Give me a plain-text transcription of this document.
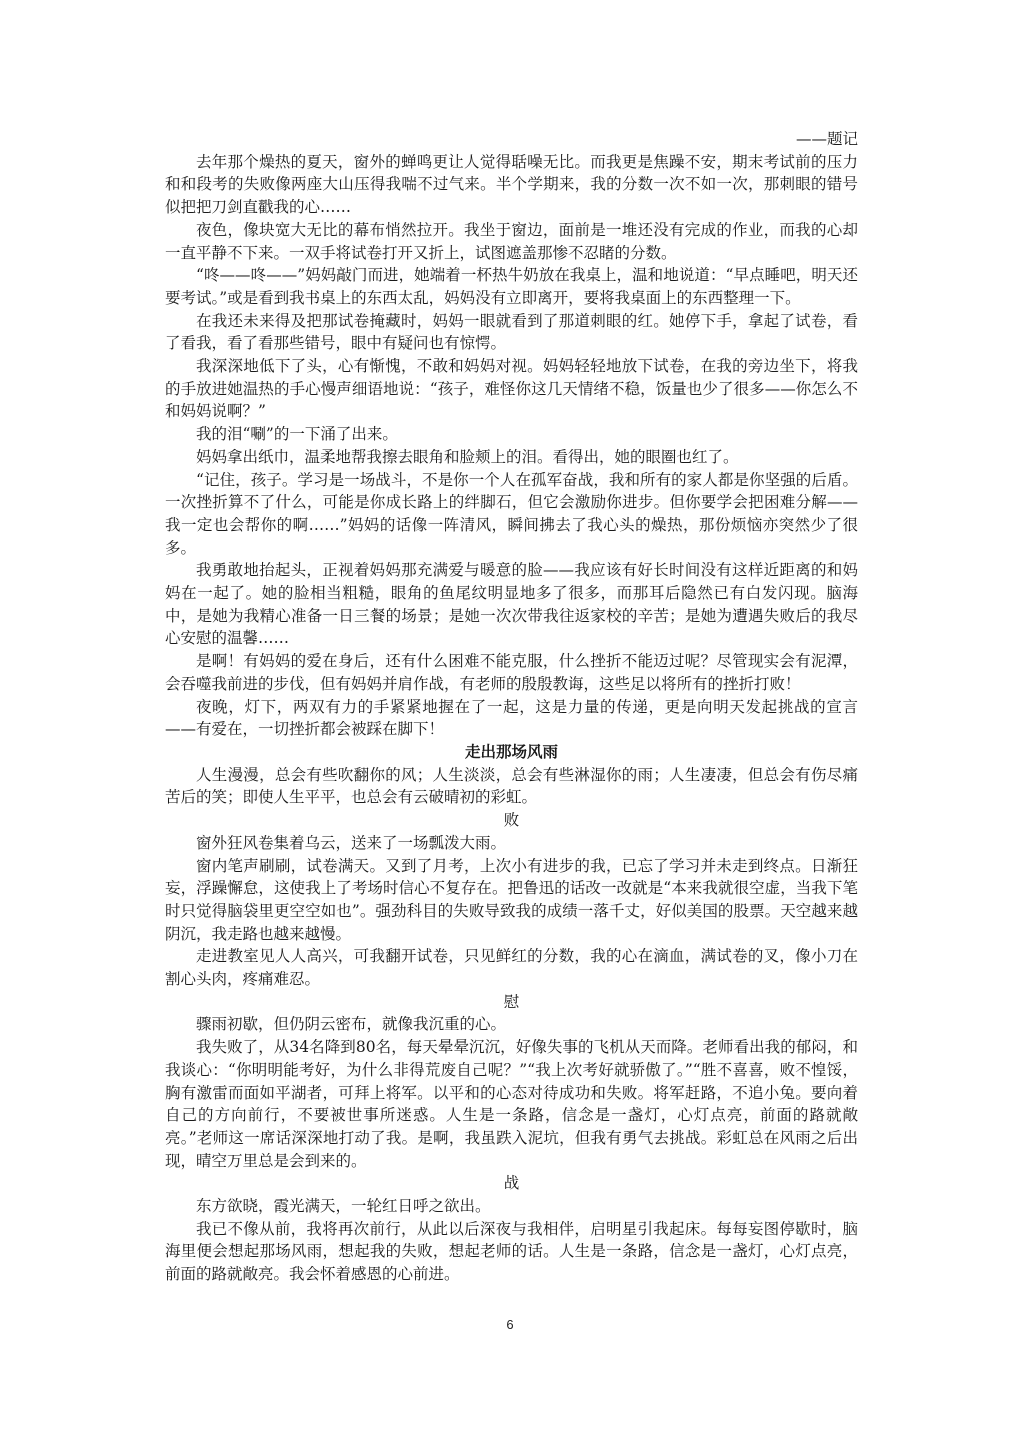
——题记

去年那个燥热的夏天，窗外的蝉鸣更让人觉得聒噪无比。而我更是焦躁不安，期末考试前的压力和和段考的失败像两座大山压得我喘不过气来。半个学期来，我的分数一次不如一次，那刺眼的错号似把把刀剑直戳我的心……

夜色，像块宽大无比的幕布悄然拉开。我坐于窗边，面前是一堆还没有完成的作业，而我的心却一直平静不下来。一双手将试卷打开又折上，试图遮盖那惨不忍睹的分数。

“咚——咚——”妈妈敲门而进，她端着一杯热牛奶放在我桌上，温和地说道：“早点睡吧，明天还要考试。”或是看到我书桌上的东西太乱，妈妈没有立即离开，要将我桌面上的东西整理一下。

在我还未来得及把那试卷掩藏时，妈妈一眼就看到了那道刺眼的红。她停下手，拿起了试卷，看了看我，看了看那些错号，眼中有疑问也有惊愕。

我深深地低下了头，心有惭愧，不敢和妈妈对视。妈妈轻轻地放下试卷，在我的旁边坐下，将我的手放进她温热的手心慢声细语地说：“孩子，难怪你这几天情绪不稳，饭量也少了很多——你怎么不和妈妈说啊？”

我的泪“唰”的一下涌了出来。

妈妈拿出纸巾，温柔地帮我擦去眼角和脸颊上的泪。看得出，她的眼圈也红了。

“记住，孩子。学习是一场战斗，不是你一个人在孤军奋战，我和所有的家人都是你坚强的后盾。一次挫折算不了什么，可能是你成长路上的绊脚石，但它会激励你进步。但你要学会把困难分解——我一定也会帮你的啊……”妈妈的话像一阵清风，瞬间拂去了我心头的燥热，那份烦恼亦突然少了很多。

我勇敢地抬起头，正视着妈妈那充满爱与暖意的脸——我应该有好长时间没有这样近距离的和妈妈在一起了。她的脸相当粗糙，眼角的鱼尾纹明显地多了很多，而那耳后隐然已有白发闪现。脑海中，是她为我精心准备一日三餐的场景；是她一次次带我往返家校的辛苦；是她为遭遇失败后的我尽心安慰的温馨……

是啊！有妈妈的爱在身后，还有什么困难不能克服，什么挫折不能迈过呢？尽管现实会有泥潭，会吞噬我前进的步伐，但有妈妈并肩作战，有老师的殷殷教诲，这些足以将所有的挫折打败！

夜晚，灯下，两双有力的手紧紧地握在了一起，这是力量的传递，更是向明天发起挑战的宣言——有爱在，一切挫折都会被踩在脚下！

走出那场风雨

人生漫漫，总会有些吹翻你的风；人生淡淡，总会有些淋湿你的雨；人生凄凄，但总会有伤尽痛苦后的笑；即使人生平平，也总会有云破晴初的彩虹。

败

窗外狂风卷集着乌云，送来了一场瓢泼大雨。

窗内笔声刷刷，试卷满天。又到了月考，上次小有进步的我，已忘了学习并未走到终点。日渐狂妄，浮躁懈怠，这使我上了考场时信心不复存在。把鲁迅的话改一改就是“本来我就很空虚，当我下笔时只觉得脑袋里更空空如也”。强劲科目的失败导致我的成绩一落千丈，好似美国的股票。天空越来越阴沉，我走路也越来越慢。

走进教室见人人高兴，可我翻开试卷，只见鲜红的分数，我的心在滴血，满试卷的叉，像小刀在割心头肉，疼痛难忍。

慰

骤雨初歇，但仍阴云密布，就像我沉重的心。

我失败了，从34名降到80名，每天晕晕沉沉，好像失事的飞机从天而降。老师看出我的郁闷，和我谈心：“你明明能考好，为什么非得荒废自己呢？”“我上次考好就骄傲了。”“胜不喜喜，败不惶馁，胸有激雷而面如平湖者，可拜上将军。以平和的心态对待成功和失败。将军赶路，不追小兔。要向着自己的方向前行，不要被世事所迷惑。人生是一条路，信念是一盏灯，心灯点亮，前面的路就敞亮。”老师这一席话深深地打动了我。是啊，我虽跌入泥坑，但我有勇气去挑战。彩虹总在风雨之后出现，晴空万里总是会到来的。

战

东方欲晓，霞光满天，一轮红日呼之欲出。

我已不像从前，我将再次前行，从此以后深夜与我相伴，启明星引我起床。每每妄图停歇时，脑海里便会想起那场风雨，想起我的失败，想起老师的话。人生是一条路，信念是一盏灯，心灯点亮，前面的路就敞亮。我会怀着感恩的心前进。

6
